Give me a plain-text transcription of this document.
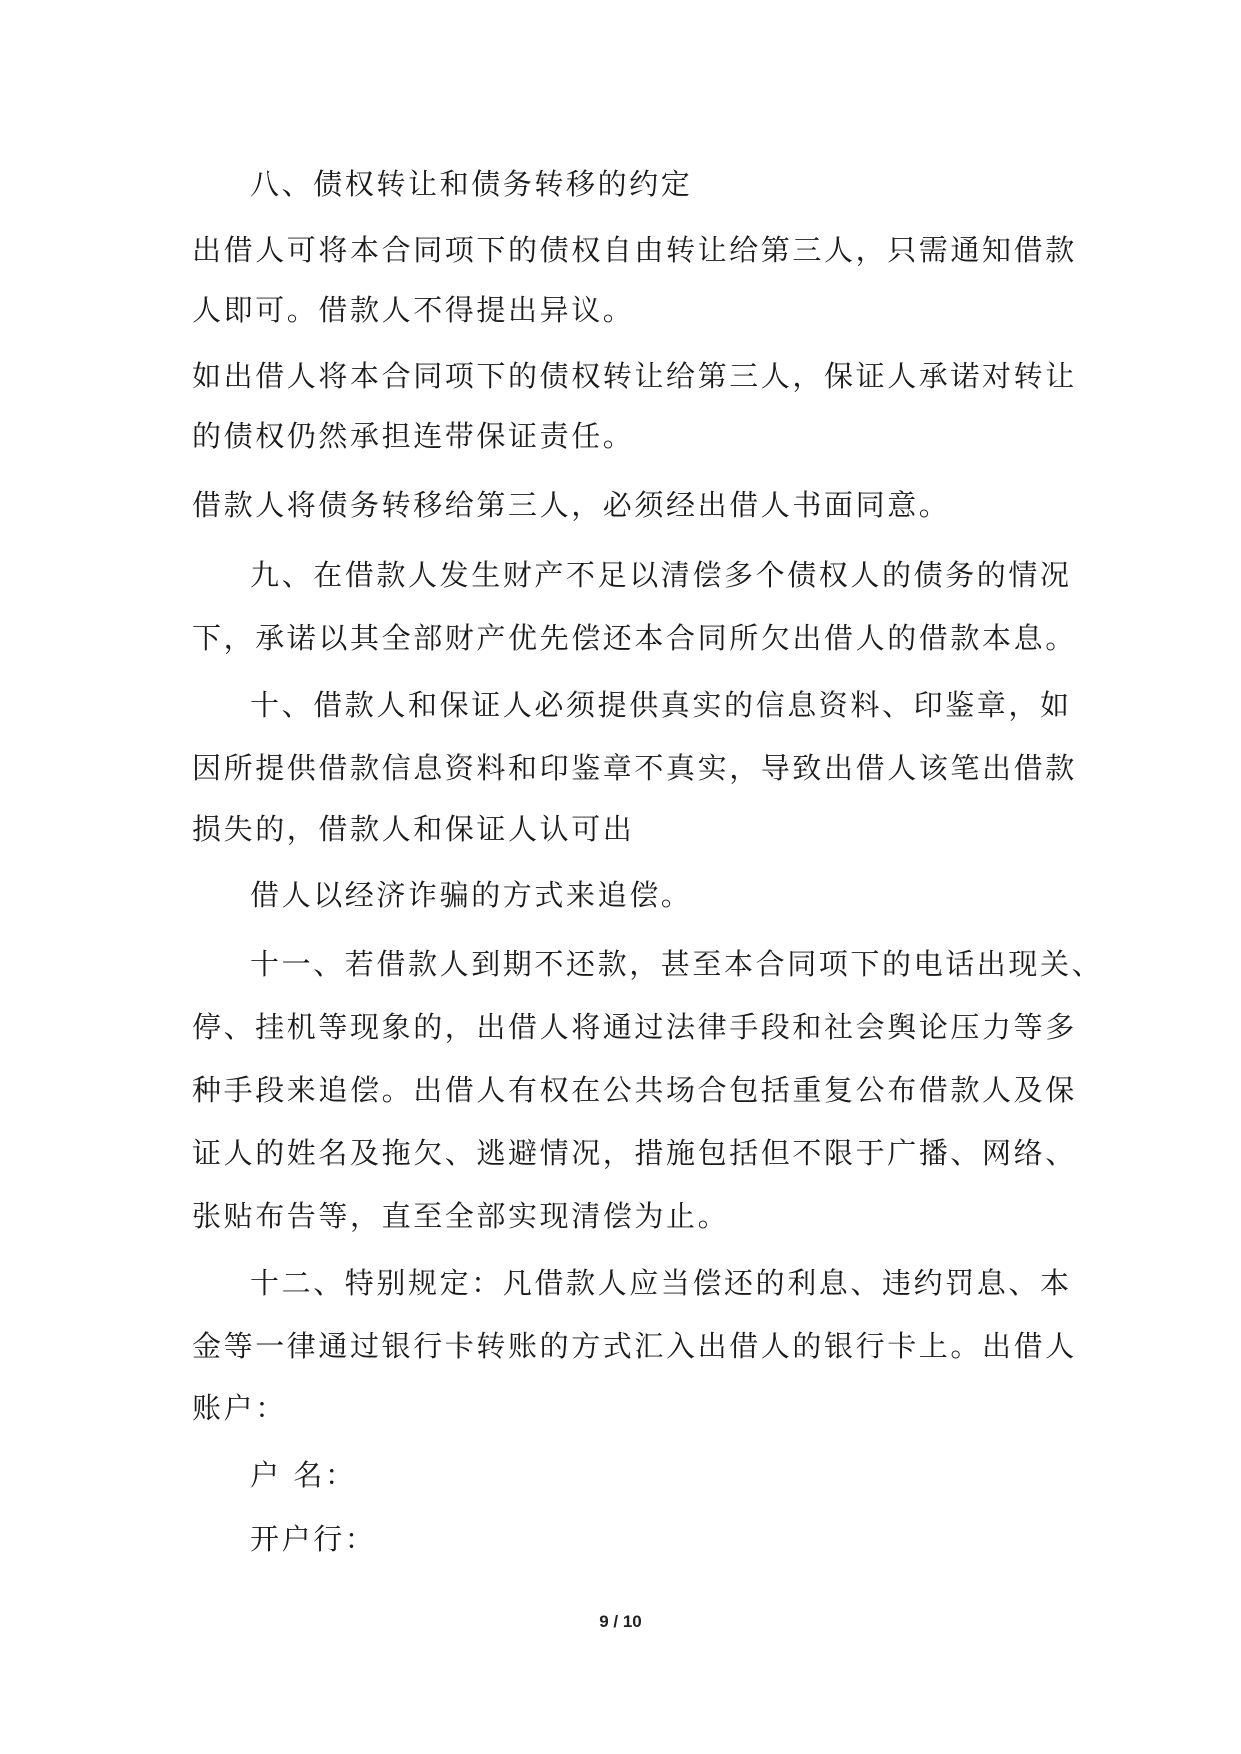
八、债权转让和债务转移的约定
出借人可将本合同项下的债权自由转让给第三人，只需通知借款
人即可。借款人不得提出异议。
如出借人将本合同项下的债权转让给第三人，保证人承诺对转让
的债权仍然承担连带保证责任。
借款人将债务转移给第三人，必须经出借人书面同意。
九、在借款人发生财产不足以清偿多个债权人的债务的情况
下，承诺以其全部财产优先偿还本合同所欠出借人的借款本息。
十、借款人和保证人必须提供真实的信息资料、印鉴章，如
因所提供借款信息资料和印鉴章不真实，导致出借人该笔出借款
损失的，借款人和保证人认可出
借人以经济诈骗的方式来追偿。
十一、若借款人到期不还款，甚至本合同项下的电话出现关、
停、挂机等现象的，出借人将通过法律手段和社会舆论压力等多
种手段来追偿。出借人有权在公共场合包括重复公布借款人及保
证人的姓名及拖欠、逃避情况，措施包括但不限于广播、网络、
张贴布告等，直至全部实现清偿为止。
十二、特别规定：凡借款人应当偿还的利息、违约罚息、本
金等一律通过银行卡转账的方式汇入出借人的银行卡上。出借人
账户：
户 名：
开户行：
9 / 10
